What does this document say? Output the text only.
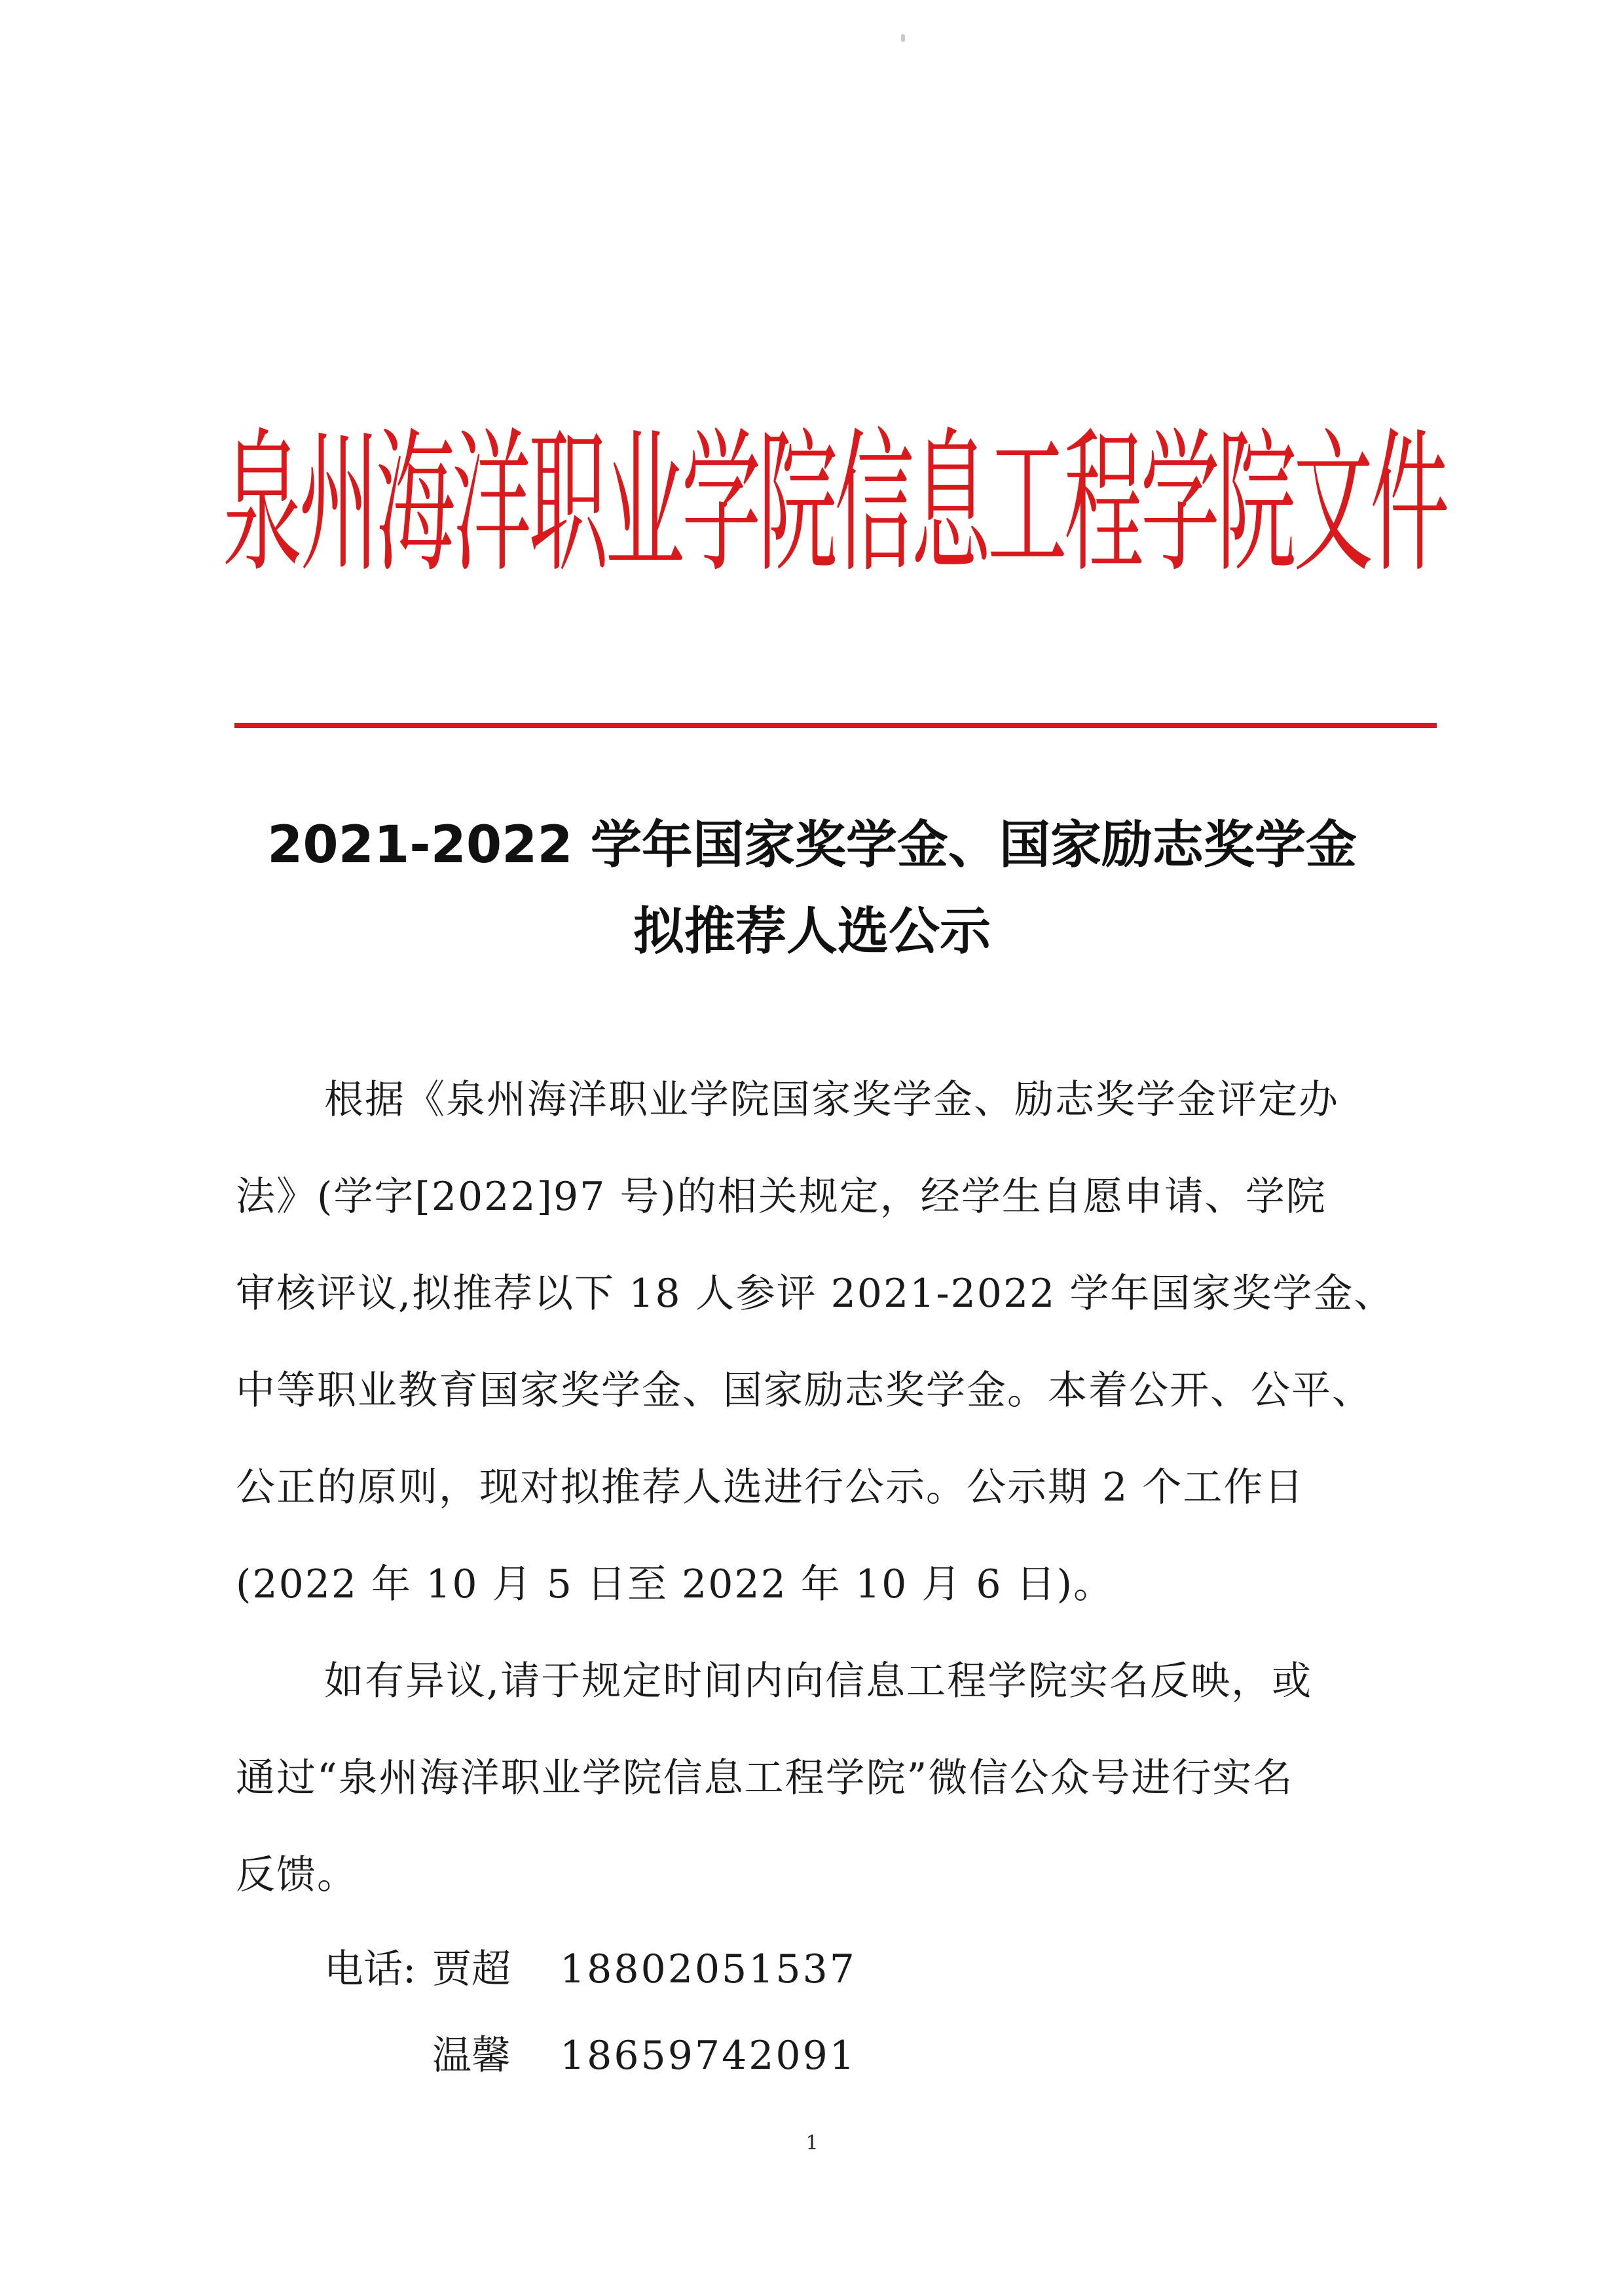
泉州海洋职业学院信息工程学院文件
2021-2022 学年国家奖学金、国家励志奖学金
拟推荐人选公示
根据《泉州海洋职业学院国家奖学金、励志奖学金评定办
法》(学字[2022]97 号)的相关规定，经学生自愿申请、学院
审核评议,拟推荐以下 18 人参评 2021-2022 学年国家奖学金、
中等职业教育国家奖学金、国家励志奖学金。本着公开、公平、
公正的原则，现对拟推荐人选进行公示。公示期 2 个工作日
(2022 年 10 月 5 日至 2022 年 10 月 6 日)。
如有异议,请于规定时间内向信息工程学院实名反映，或
通过“泉州海洋职业学院信息工程学院”微信公众号进行实名
反馈。
电话: 贾超 18802051537
温馨 18659742091
1
